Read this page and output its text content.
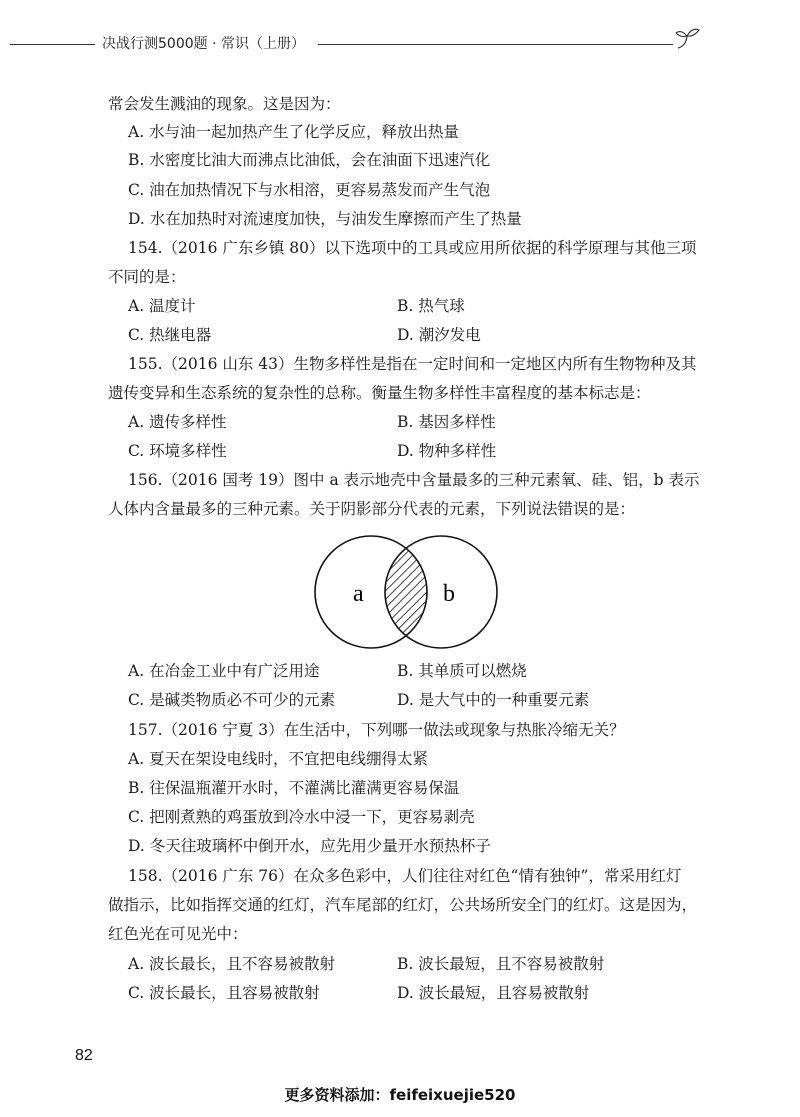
决战行测5000题 · 常识（上册）
常会发生溅油的现象。这是因为：
A. 水与油一起加热产生了化学反应，释放出热量
B. 水密度比油大而沸点比油低，会在油面下迅速汽化
C. 油在加热情况下与水相溶，更容易蒸发而产生气泡
D. 水在加热时对流速度加快，与油发生摩擦而产生了热量
154.（2016 广东乡镇 80）以下选项中的工具或应用所依据的科学原理与其他三项
不同的是：
A. 温度计	B. 热气球
C. 热继电器	D. 潮汐发电
155.（2016 山东 43）生物多样性是指在一定时间和一定地区内所有生物物种及其
遗传变异和生态系统的复杂性的总称。衡量生物多样性丰富程度的基本标志是：
A. 遗传多样性	B. 基因多样性
C. 环境多样性	D. 物种多样性
156.（2016 国考 19）图中 a 表示地壳中含量最多的三种元素氧、硅、铝，b 表示
人体内含量最多的三种元素。关于阴影部分代表的元素，下列说法错误的是：
a	b
A. 在冶金工业中有广泛用途	B. 其单质可以燃烧
C. 是碱类物质必不可少的元素	D. 是大气中的一种重要元素
157.（2016 宁夏 3）在生活中，下列哪一做法或现象与热胀冷缩无关？
A. 夏天在架设电线时，不宜把电线绷得太紧
B. 往保温瓶灌开水时，不灌满比灌满更容易保温
C. 把刚煮熟的鸡蛋放到冷水中浸一下，更容易剥壳
D. 冬天往玻璃杯中倒开水，应先用少量开水预热杯子
158.（2016 广东 76）在众多色彩中，人们往往对红色“情有独钟”，常采用红灯
做指示，比如指挥交通的红灯，汽车尾部的红灯，公共场所安全门的红灯。这是因为，
红色光在可见光中：
A. 波长最长，且不容易被散射	B. 波长最短，且不容易被散射
C. 波长最长，且容易被散射	D. 波长最短，且容易被散射
82
更多资料添加：feifeixuejie520
